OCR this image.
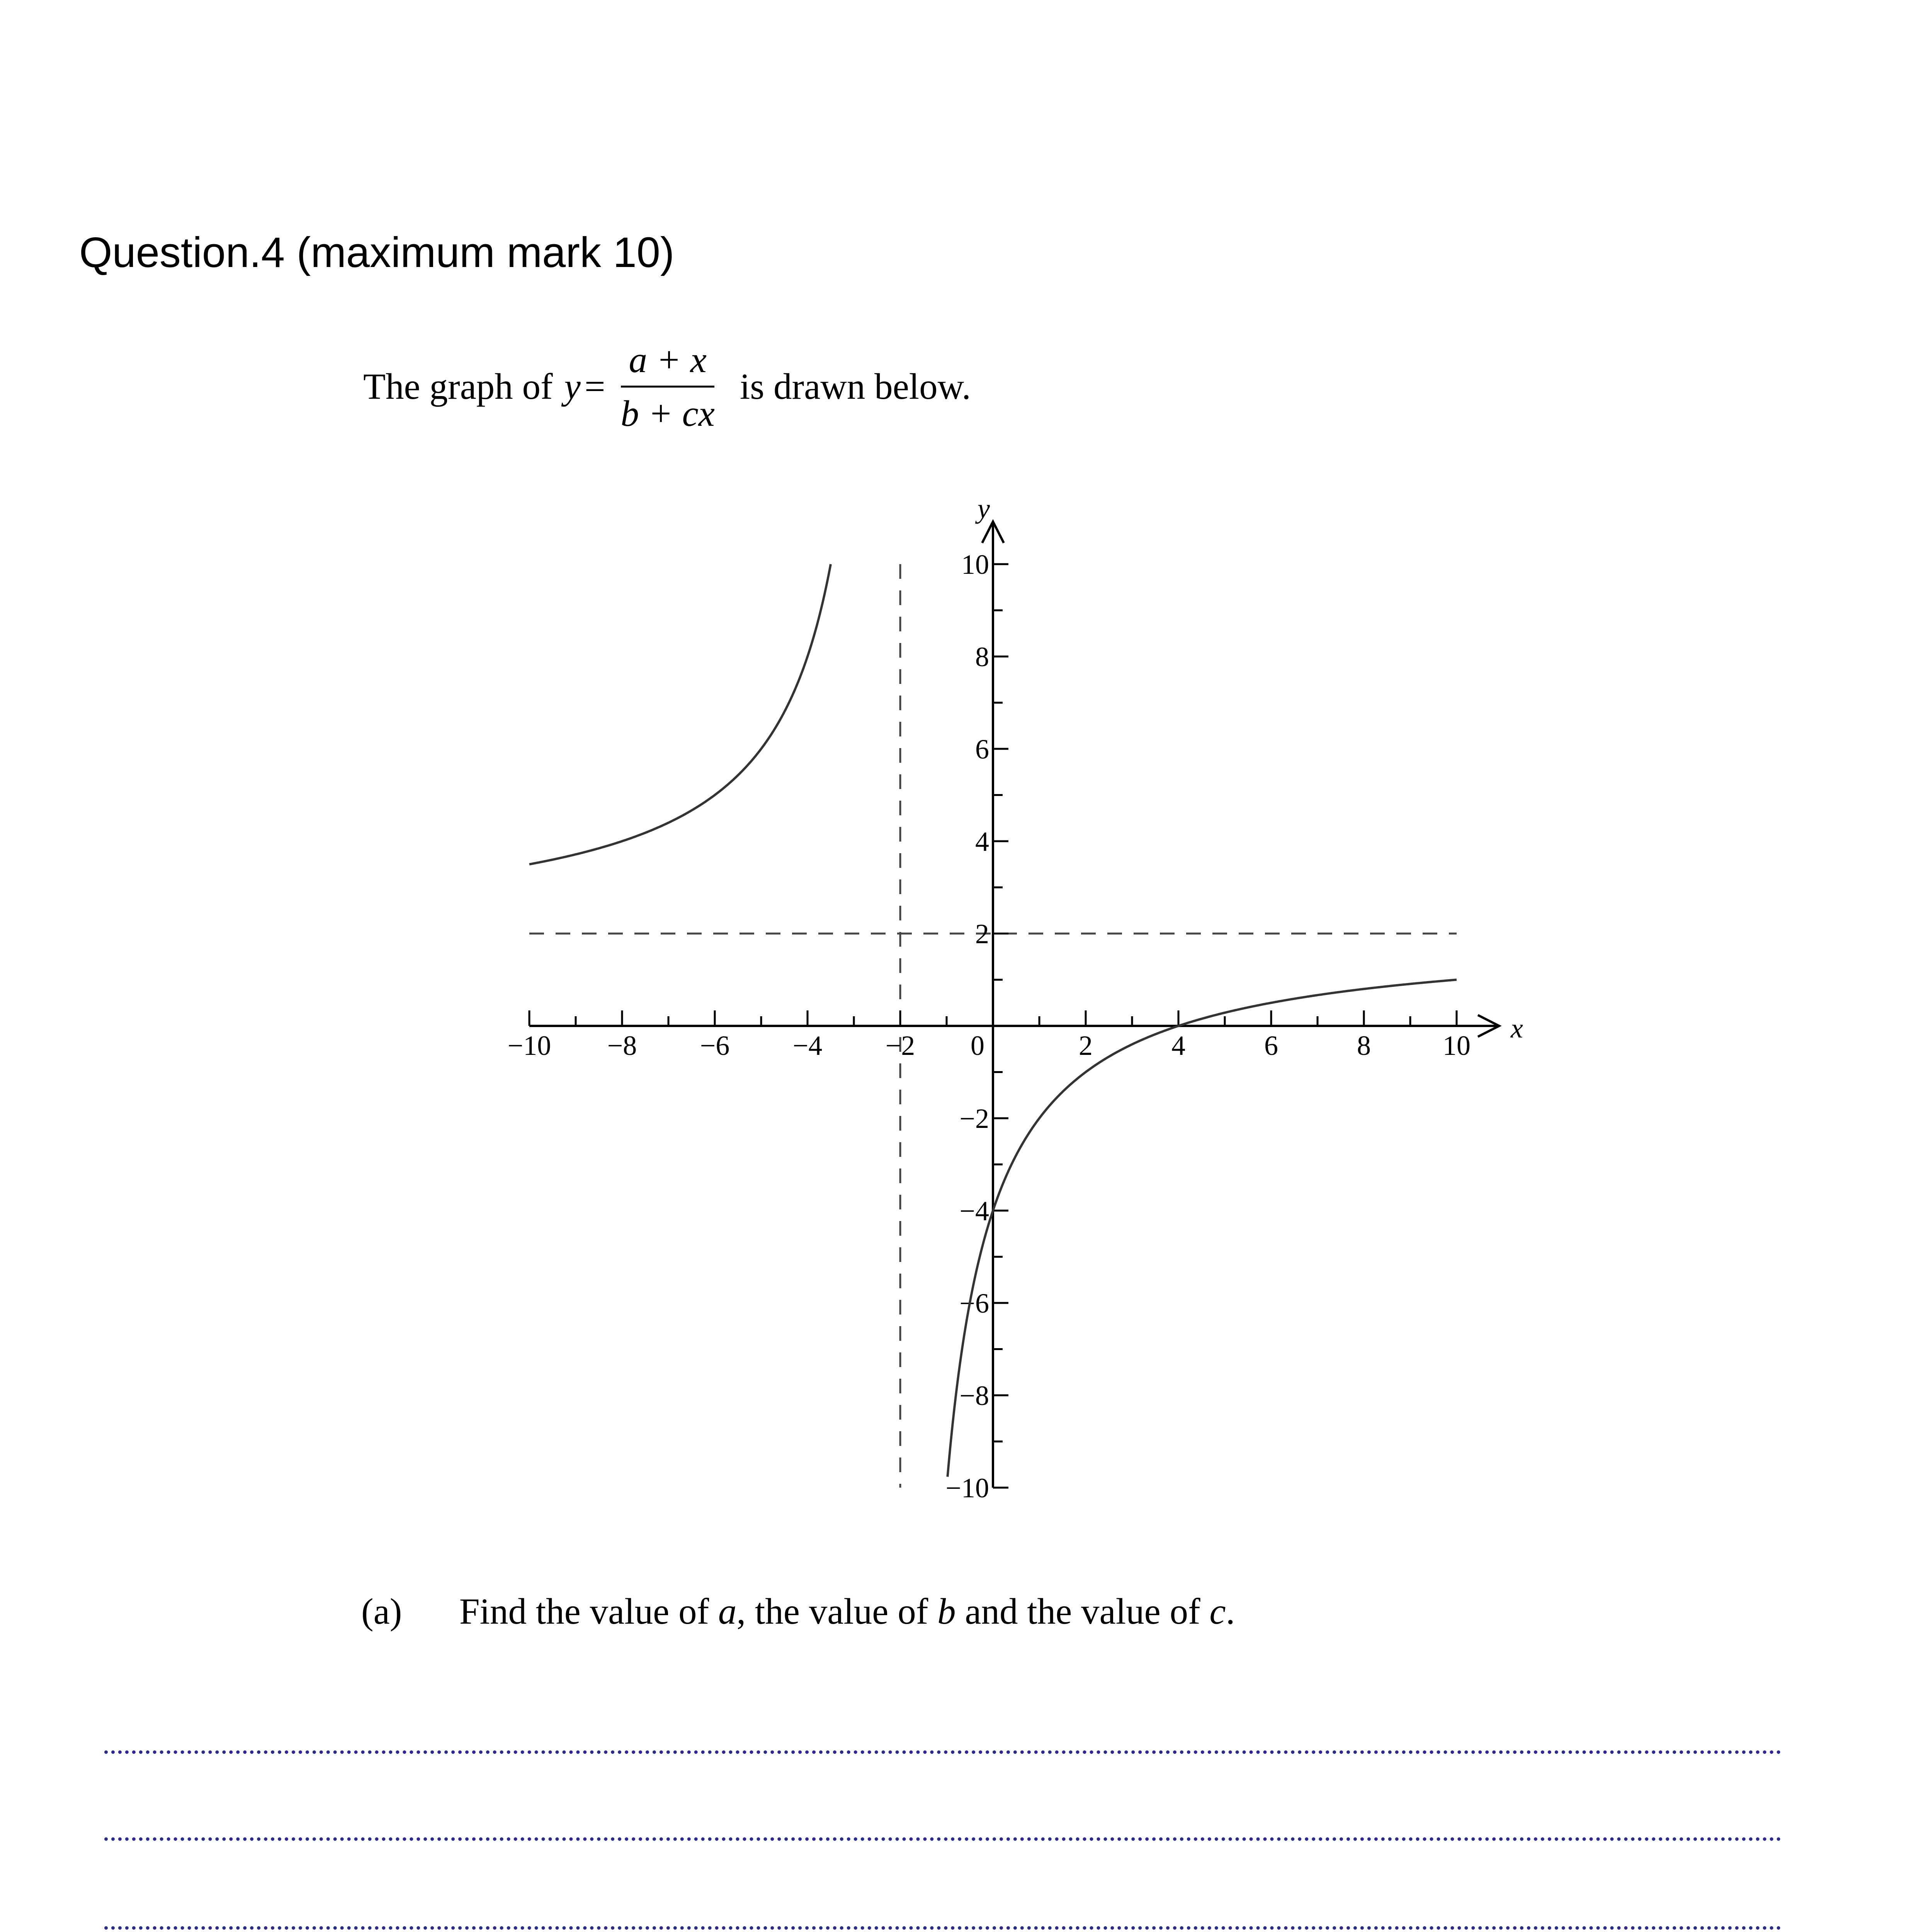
Question.4 (maximum mark 10)
The graph of $y = \frac{a + x}{b + cx}$ is drawn below.
x
y
−10 −8 −6 −4 −2 0	2	4	6	8	10
−10
−8
−6
−4
−2
2
4
6
8
10
(a) Find the value of a, the value of b and the value of c.
